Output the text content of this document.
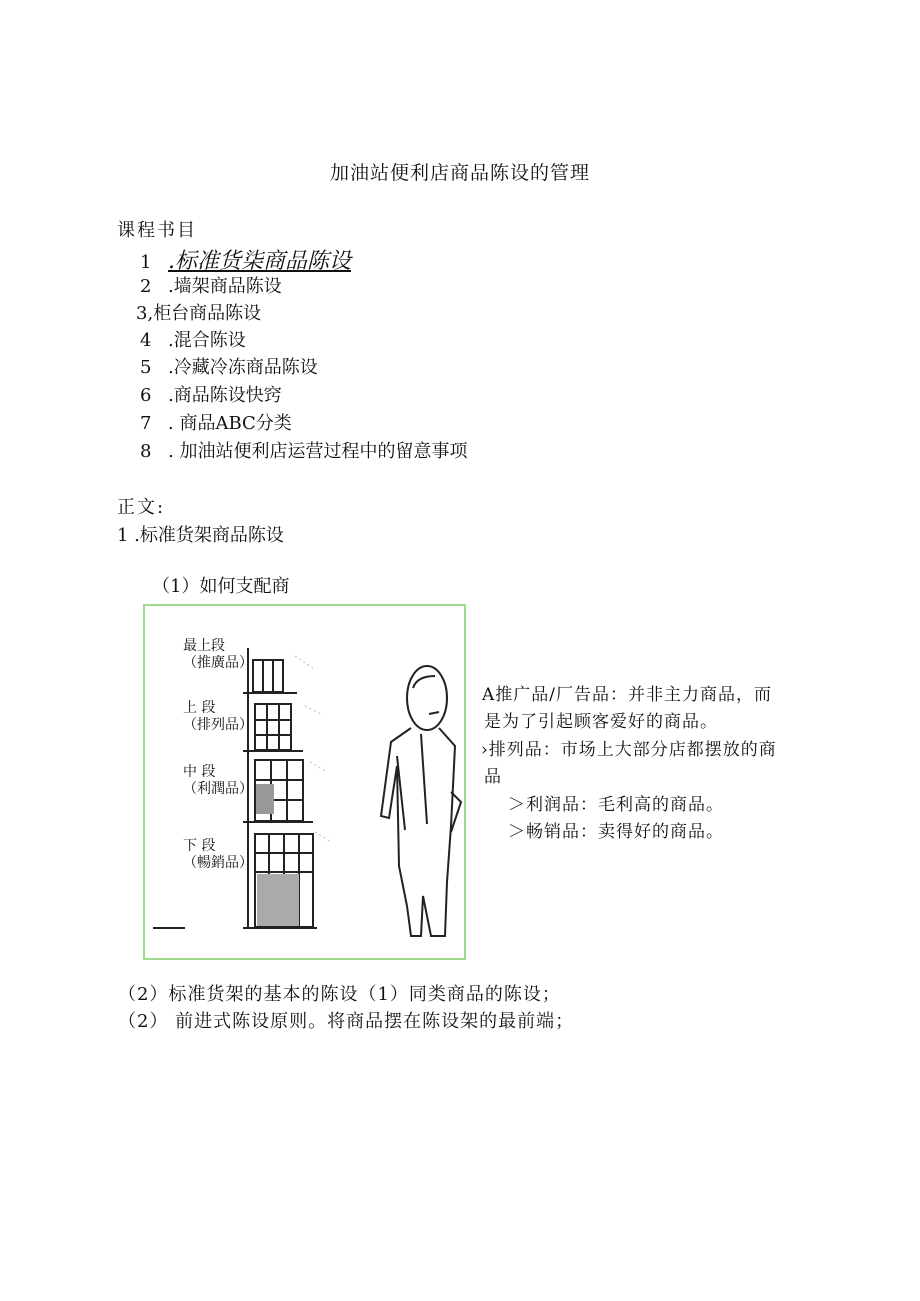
加油站便利店商品陈设的管理
课程书目
1 .标准货柒商品陈设
2 .墙架商品陈设
3,柜台商品陈设
4 .混合陈设
5 .冷藏冷冻商品陈设
6 .商品陈设快窍
7 . 商品ABC分类
8 . 加油站便利店运营过程中的留意事项
正文:
1 .标准货架商品陈设
（1）如何支配商
最上段
（推廣品）
上 段
（排列品）
中 段
（利潤品）
下 段
（暢銷品）
A推广品/厂告品：并非主力商品，而
是为了引起顾客爱好的商品。
›排列品：市场上大部分店都摆放的商
品
＞利润品：毛利高的商品。
＞畅销品：卖得好的商品。
（2）标准货架的基本的陈设（1）同类商品的陈设；
（2） 前进式陈设原则。将商品摆在陈设架的最前端；
